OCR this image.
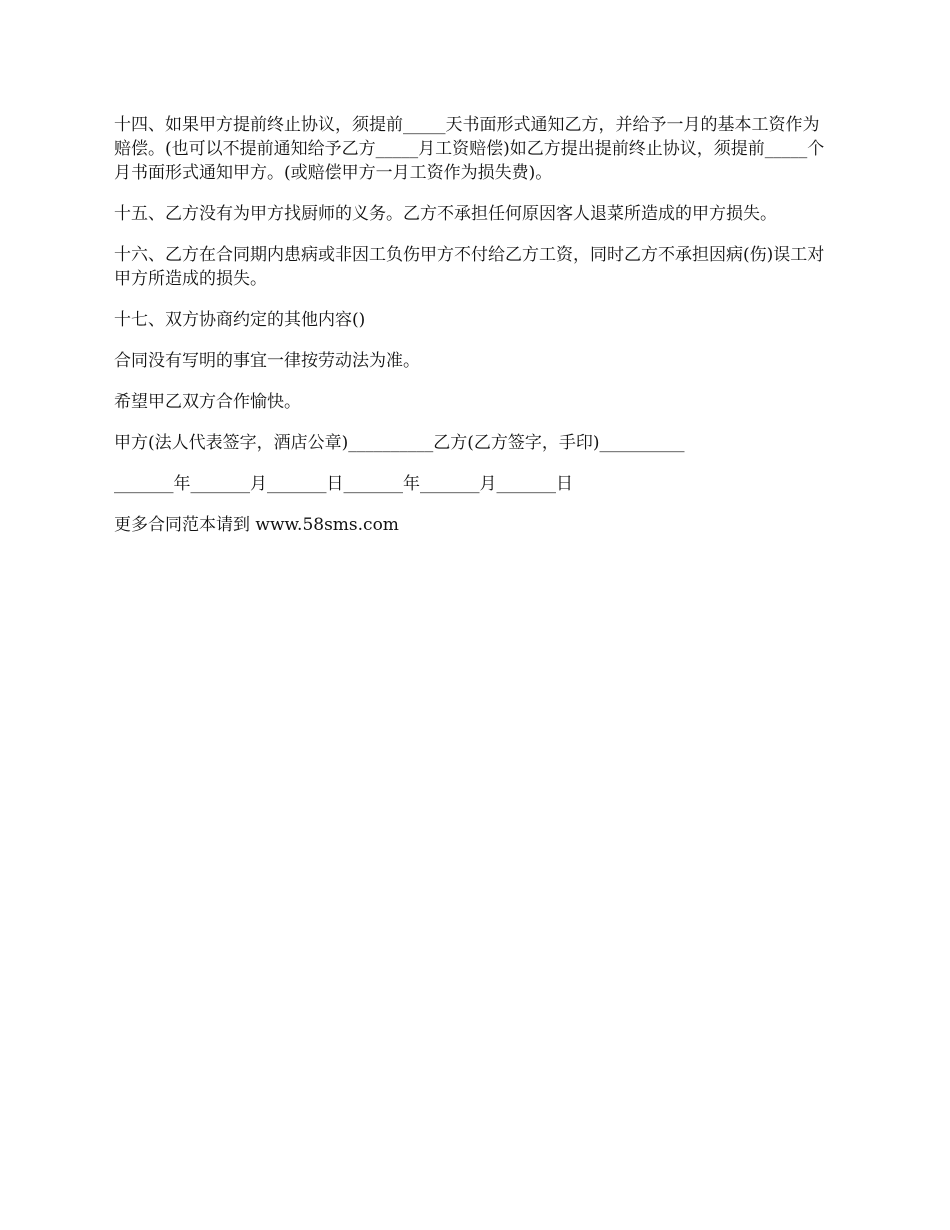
十四、如果甲方提前终止协议，须提前_____天书面形式通知乙方，并给予一月的基本工资作为赔偿。(也可以不提前通知给予乙方_____月工资赔偿)如乙方提出提前终止协议，须提前_____个月书面形式通知甲方。(或赔偿甲方一月工资作为损失费)。

十五、乙方没有为甲方找厨师的义务。乙方不承担任何原因客人退菜所造成的甲方损失。

十六、乙方在合同期内患病或非因工负伤甲方不付给乙方工资，同时乙方不承担因病(伤)误工对甲方所造成的损失。

十七、双方协商约定的其他内容()

合同没有写明的事宜一律按劳动法为准。

希望甲乙双方合作愉快。

甲方(法人代表签字，酒店公章)__________乙方(乙方签字，手印)__________

_______年_______月_______日_______年_______月_______日

更多合同范本请到 www.58sms.com
